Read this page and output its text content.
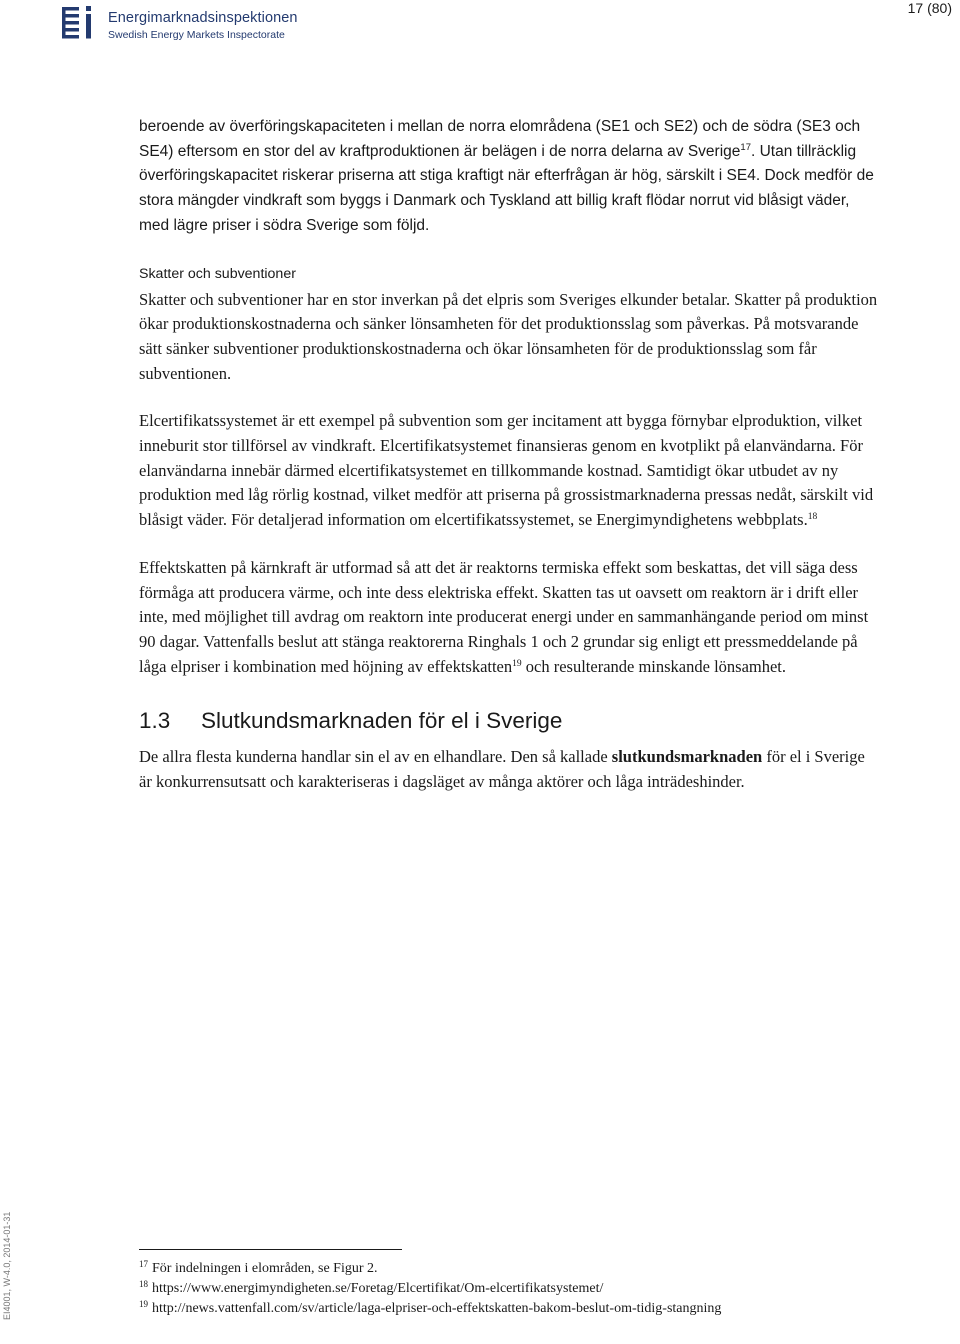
Energimarknadsinspektionen
Swedish Energy Markets Inspectorate
17 (80)

beroende av överföringskapaciteten i mellan de norra elområdena (SE1 och SE2) och de södra (SE3 och SE4) eftersom en stor del av kraftproduktionen är belägen i de norra delarna av Sverige$^{17}$. Utan tillräcklig överföringskapacitet riskerar priserna att stiga kraftigt när efterfrågan är hög, särskilt i SE4. Dock medför de stora mängder vindkraft som byggs i Danmark och Tyskland att billig kraft flödar norrut vid blåsigt väder, med lägre priser i södra Sverige som följd.

Skatter och subventioner

Skatter och subventioner har en stor inverkan på det elpris som Sveriges elkunder betalar. Skatter på produktion ökar produktionskostnaderna och sänker lönsamheten för det produktionsslag som påverkas. På motsvarande sätt sänker subventioner produktionskostnaderna och ökar lönsamheten för de produktionsslag som får subventionen.

Elcertifikatssystemet är ett exempel på subvention som ger incitament att bygga förnybar elproduktion, vilket inneburit stor tillförsel av vindkraft. Elcertifikatsystemet finansieras genom en kvotplikt på elanvändarna. För elanvändarna innebär därmed elcertifikatsystemet en tillkommande kostnad. Samtidigt ökar utbudet av ny produktion med låg rörlig kostnad, vilket medför att priserna på grossistmarknaderna pressas nedåt, särskilt vid blåsigt väder. För detaljerad information om elcertifikatssystemet, se Energimyndighetens webbplats.$^{18}$

Effektskatten på kärnkraft är utformad så att det är reaktorns termiska effekt som beskattas, det vill säga dess förmåga att producera värme, och inte dess elektriska effekt. Skatten tas ut oavsett om reaktorn är i drift eller inte, med möjlighet till avdrag om reaktorn inte producerat energi under en sammanhängande period om minst 90 dagar. Vattenfalls beslut att stänga reaktorerna Ringhals 1 och 2 grundar sig enligt ett pressmeddelande på låga elpriser i kombination med höjning av effektskatten$^{19}$ och resulterande minskande lönsamhet.

1.3	Slutkundsmarknaden för el i Sverige

De allra flesta kunderna handlar sin el av en elhandlare. Den så kallade slutkundsmarknaden för el i Sverige är konkurrensutsatt och karakteriseras i dagsläget av många aktörer och låga inträdeshinder.

EI4001, W-4.0, 2014-01-31	$^{17}$ För indelningen i elområden, se Figur 2.
$^{18}$ https://www.energimyndigheten.se/Foretag/Elcertifikat/Om-elcertifikatsystemet/
$^{19}$ http://news.vattenfall.com/sv/article/laga-elpriser-och-effektskatten-bakom-beslut-om-tidig-stangning
